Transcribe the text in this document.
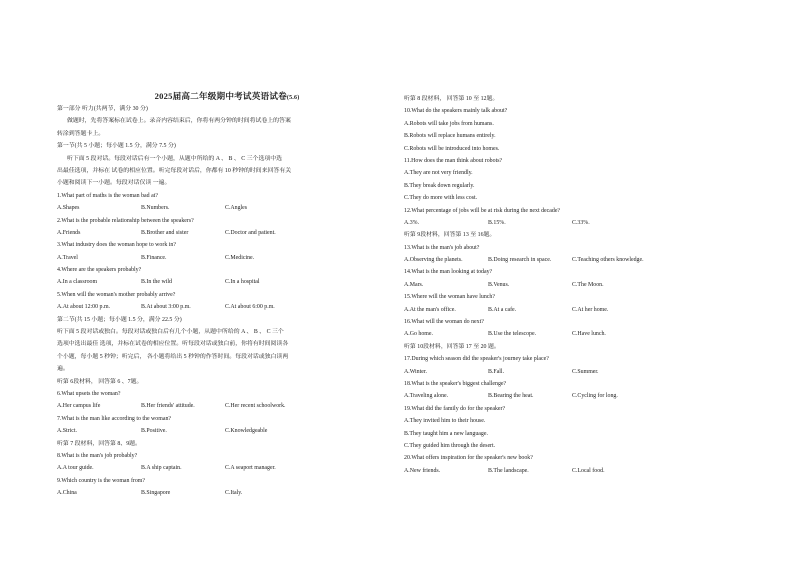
2025届高二年级期中考试英语试卷(5.6)
第一部分 听力(共两节，满分 30 分)
做题时，先将答案标在试卷上。录音内容结束后，你将有两分钟的时间将试卷上的答案
转涂到答题卡上。
第一节(共 5 小题；每小题 1.5 分，满分 7.5 分)
听下面 5 段对话。每段对话后有一个小题，从题中所给的 A 、 B 、 C 三个选项中选
出最佳选项，并标在 试卷的相应位置。听完每段对话后，你都有 10 秒钟的时间来回答有关
小题和阅读下一小题。每段对话仅读 一遍。
1.What part of maths is the woman bad at?
A.Shapes	B.Numbers.	C.Angles
2.What is the probable relationship between the speakers?
A.Friends	B.Brother and sister	C.Doctor and patient.
3.What industry does the woman hope to work in?
A.Travel	B.Finance.	C.Medicine.
4.Where are the speakers probably?
A.In a classroom	B.In the wild	C.In a hospital
5.When will the woman's mother probably arrive?
A.At about 12:00 p.m.	B.At about 3:00 p.m.	C.At about 6:00 p.m.
第二节(共 15 小题；每小题 1.5 分，满分 22.5 分)
听下面 5 段对话或独白。每段对话或独白后有几个小题，从题中所给的 A 、 B 、 C 三个
选项中选出最佳 选项，并标在试卷的相应位置。听每段对话或独白前，你将有时间阅读各
个小题，每小题 5 秒钟；听完后， 各小题将给出 5 秒钟的作答时间。每段对话或独白读两
遍。
听第 6段材料， 回答第 6 、7题。
6.What upsets the woman?
A.Her campus life	B.Her friends' attitude.	C.Her recent schoolwork.
7.What is the man like according to the woman?
A.Strict.	B.Positive.	C.Knowledgeable
听第 7 段材料，回答第 8、9题。
8.What is the man's job probably?
A.A tour guide.	B.A ship captain.	C.A seaport manager.
9.Which country is the woman from?
A.China	B.Singapore	C.Italy.
听第 8 段材料， 回答第 10 至 12题。
10.What do the speakers mainly talk about?
A.Robots will take jobs from humans.
B.Robots will replace humans entirely.
C.Robots will be introduced into homes.
11.How does the man think about robots?
A.They are not very friendly.
B.They break down regularly.
C.They do more with less cost.
12.What percentage of jobs will be at risk during the next decade?
A.3%.	B.15%.	C.33%.
听第 9段材料，回答第 13 至 16题。
13.What is the man's job about?
A.Observing the planets.	B.Doing research in space.	C.Teaching others knowledge.
14.What is the man looking at today?
A.Mars.	B.Venus.	C.The Moon.
15.Where will the woman have lunch?
A.At the man's office.	B.At a cafe.	C.At her home.
16.What will the woman do next?
A.Go home.	B.Use the telescope.	C.Have lunch.
听第 10段材料，回答第 17 至 20 题。
17.During which season did the speaker's journey take place?
A.Winter.	B.Fall.	C.Summer.
18.What is the speaker's biggest challenge?
A.Traveling alone.	B.Bearing the heat.	C.Cycling for long.
19.What did the family do for the speaker?
A.They invited him to their house.
B.They taught him a new language.
C.They guided him through the desert.
20.What offers inspiration for the speaker's new book?
A.New friends.	B.The landscape.	C.Local food.
